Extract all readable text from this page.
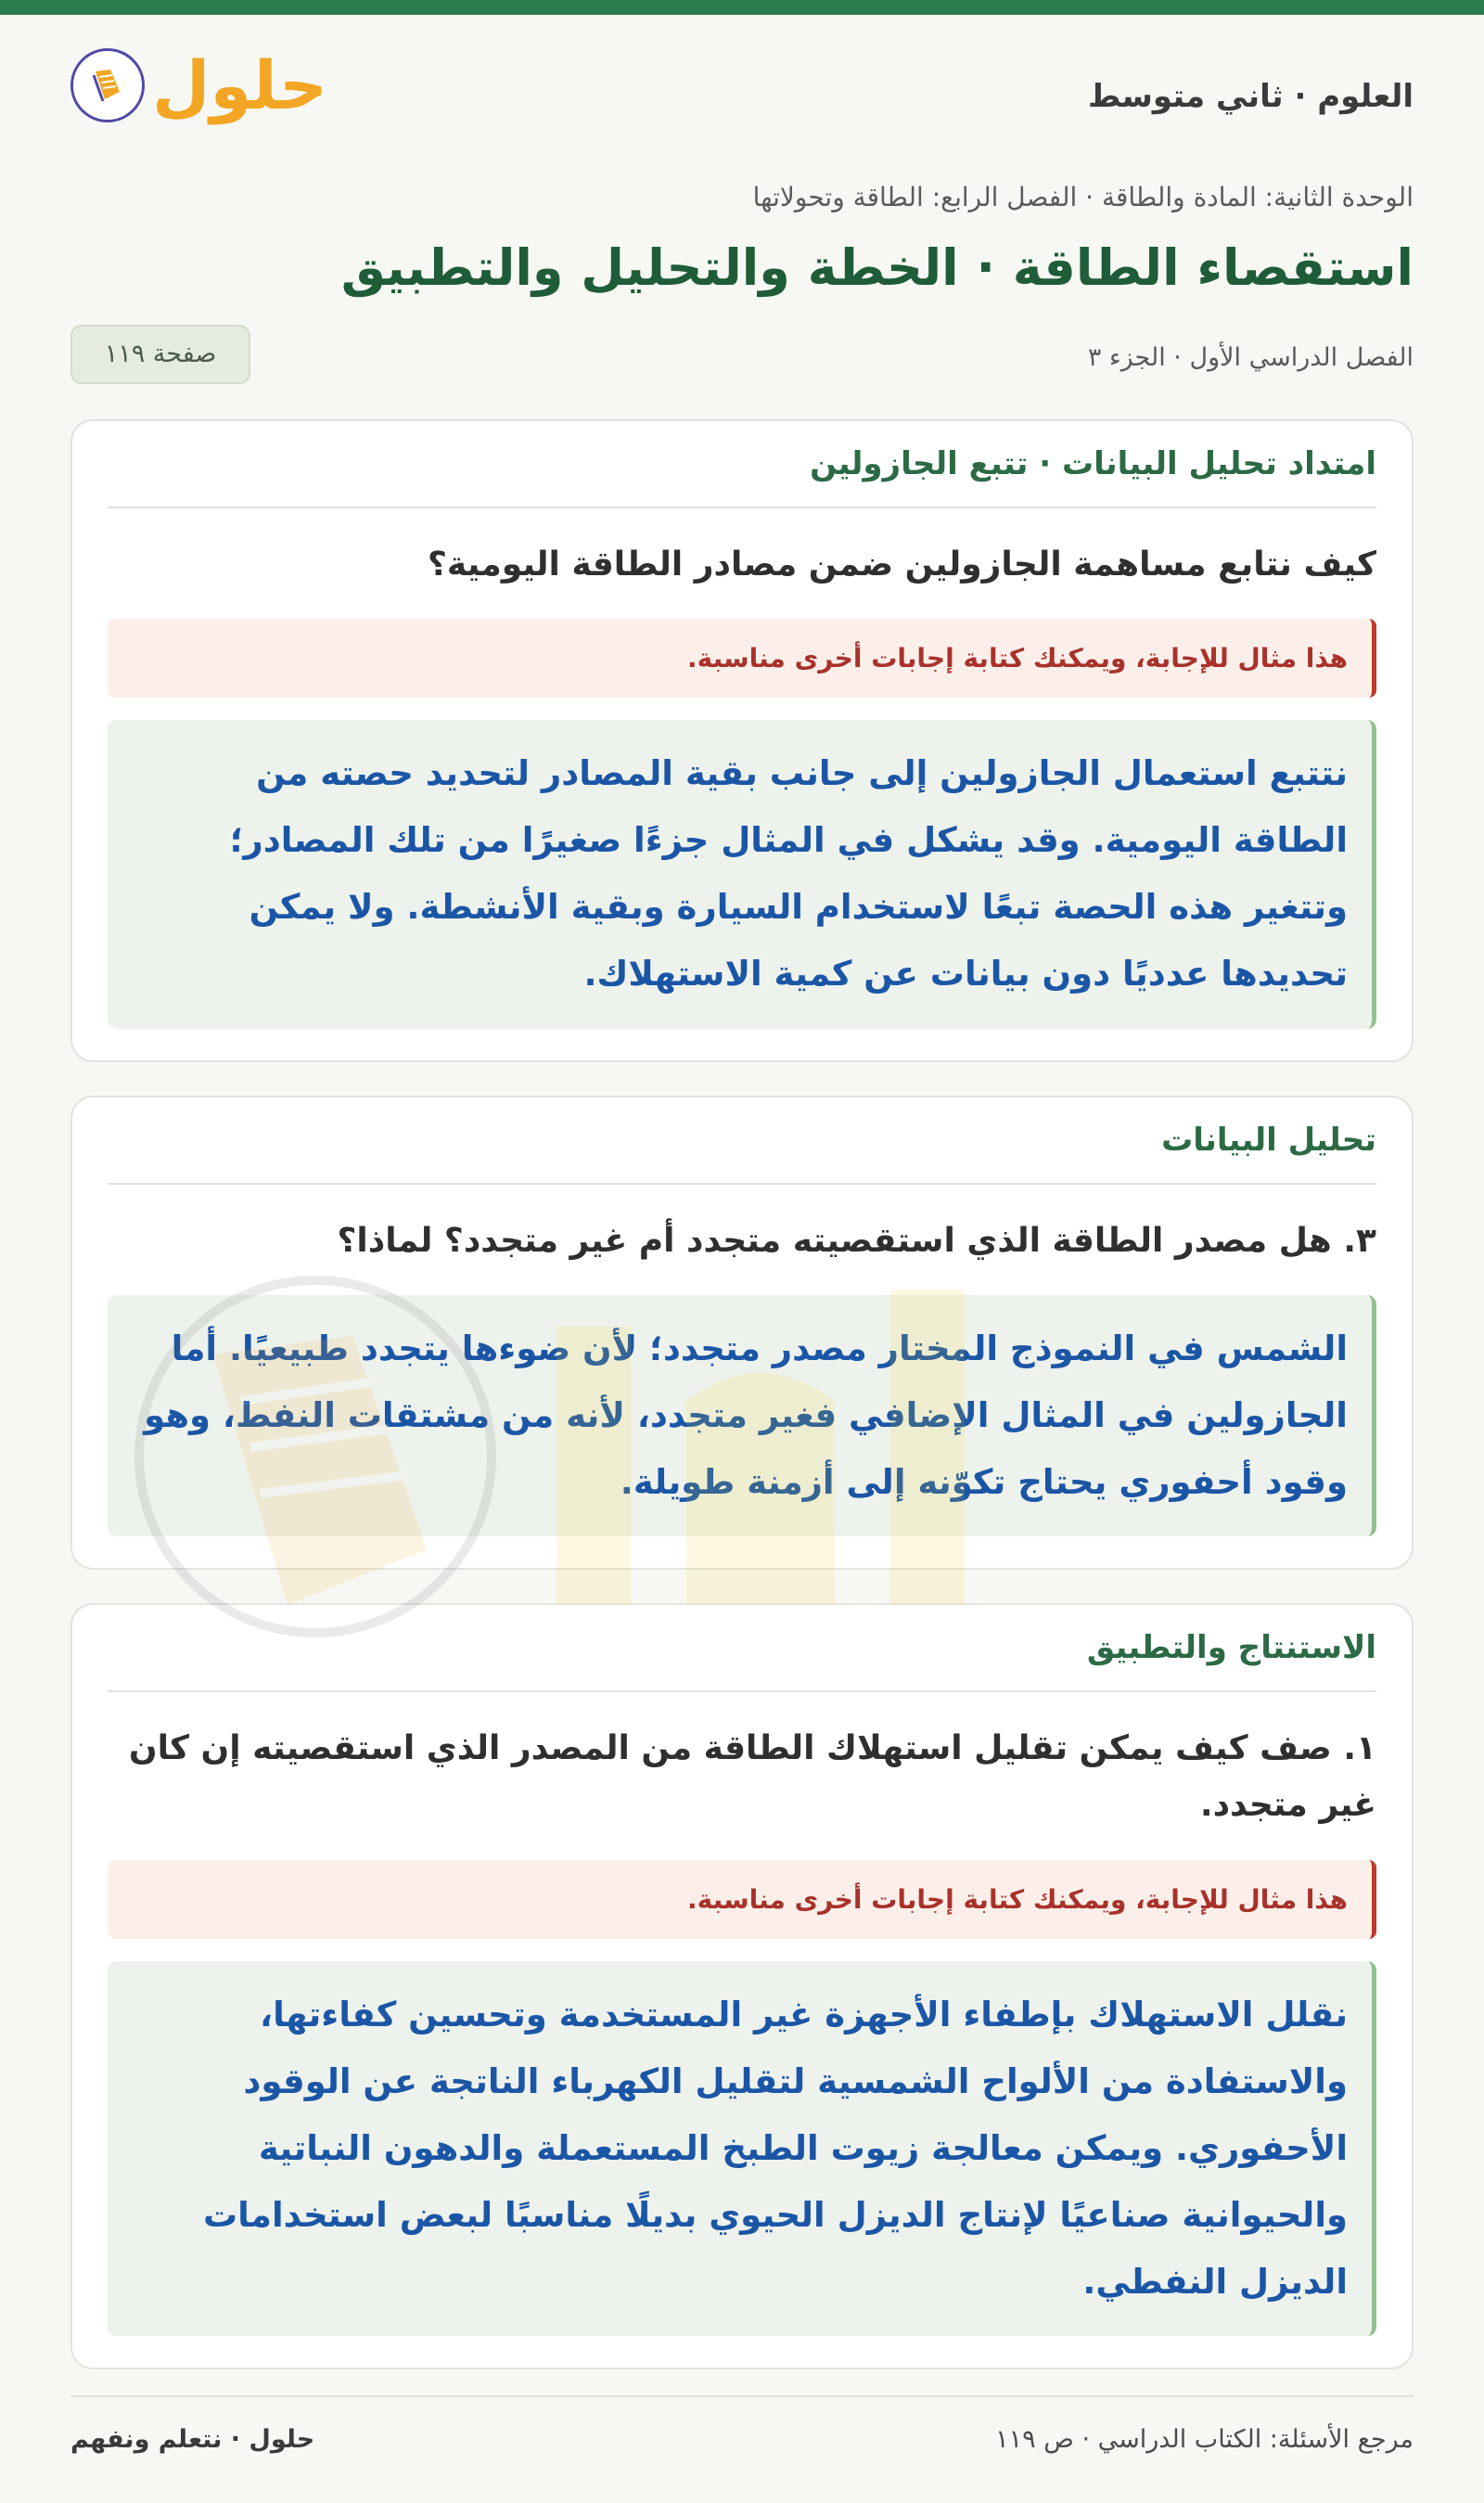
العلوم · ثاني متوسط
حلول
الوحدة الثانية: المادة والطاقة · الفصل الرابع: الطاقة وتحولاتها
استقصاء الطاقة · الخطة والتحليل والتطبيق
الفصل الدراسي الأول · الجزء ٣
صفحة ١١٩
امتداد تحليل البيانات · تتبع الجازولين
كيف نتابع مساهمة الجازولين ضمن مصادر الطاقة اليومية؟
هذا مثال للإجابة، ويمكنك كتابة إجابات أخرى مناسبة.
نتتبع استعمال الجازولين إلى جانب بقية المصادر لتحديد حصته من الطاقة اليومية. وقد يشكل في المثال جزءًا صغيرًا من تلك المصادر؛ وتتغير هذه الحصة تبعًا لاستخدام السيارة وبقية الأنشطة. ولا يمكن تحديدها عدديًا دون بيانات عن كمية الاستهلاك.
تحليل البيانات
٣. هل مصدر الطاقة الذي استقصيته متجدد أم غير متجدد؟ لماذا؟
الشمس في النموذج المختار مصدر متجدد؛ لأن ضوءها يتجدد طبيعيًا. أما الجازولين في المثال الإضافي فغير متجدد، لأنه من مشتقات النفط، وهو وقود أحفوري يحتاج تكوّنه إلى أزمنة طويلة.
الاستنتاج والتطبيق
١. صف كيف يمكن تقليل استهلاك الطاقة من المصدر الذي استقصيته إن كان غير متجدد.
هذا مثال للإجابة، ويمكنك كتابة إجابات أخرى مناسبة.
نقلل الاستهلاك بإطفاء الأجهزة غير المستخدمة وتحسين كفاءتها، والاستفادة من الألواح الشمسية لتقليل الكهرباء الناتجة عن الوقود الأحفوري. ويمكن معالجة زيوت الطبخ المستعملة والدهون النباتية والحيوانية صناعيًا لإنتاج الديزل الحيوي بديلًا مناسبًا لبعض استخدامات الديزل النفطي.
مرجع الأسئلة: الكتاب الدراسي · ص ١١٩
حلول · نتعلم ونفهم
